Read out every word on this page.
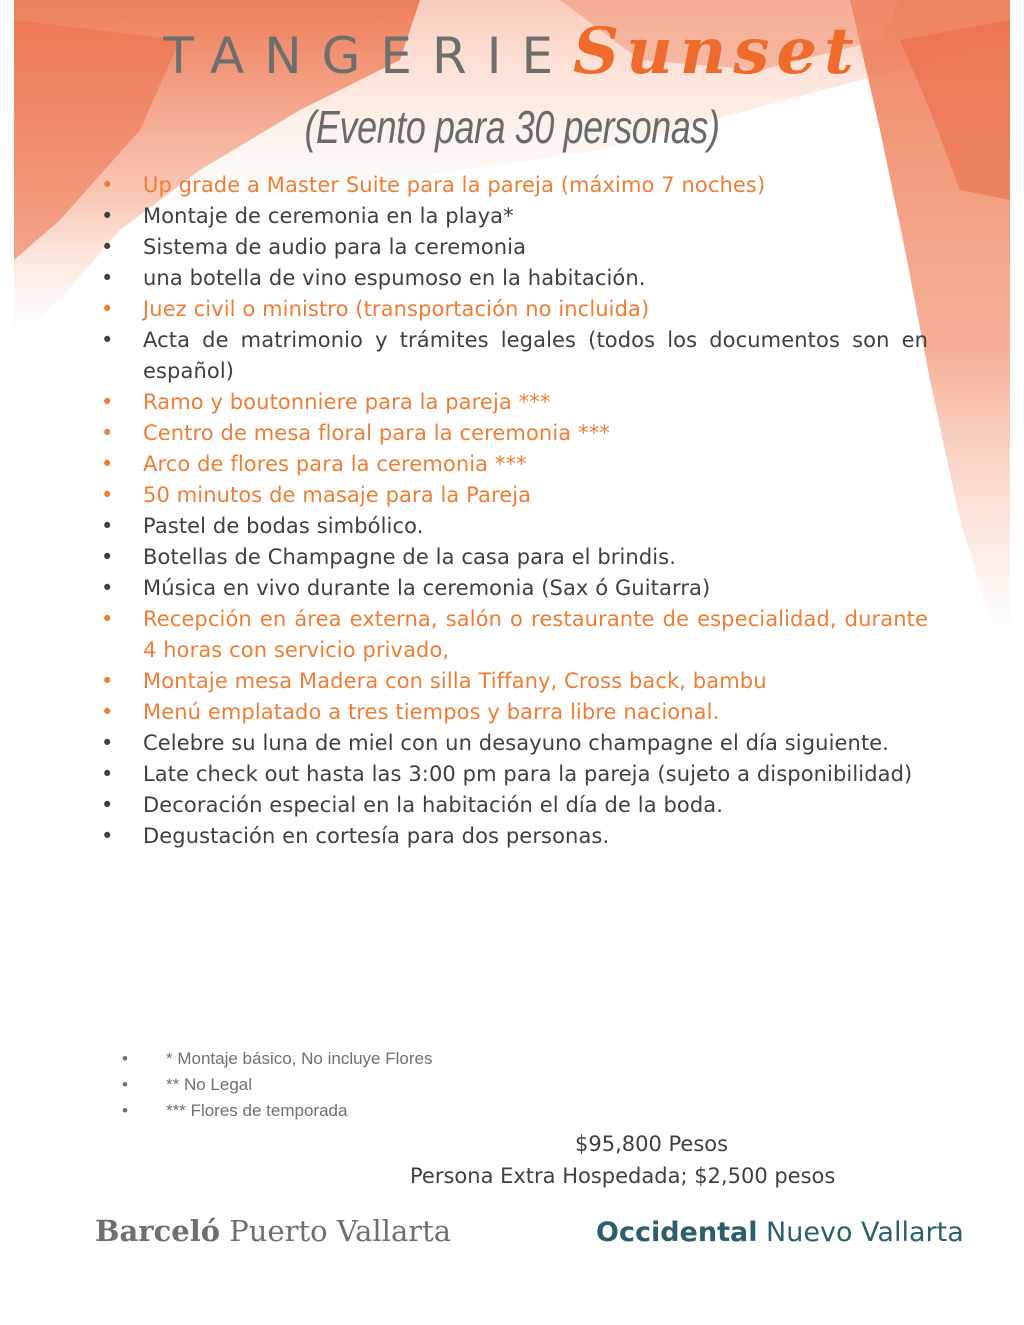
TANGERIESunset
(Evento para 30 personas)
• Up grade a Master Suite para la pareja (máximo 7 noches)
• Montaje de ceremonia en la playa*
• Sistema de audio para la ceremonia
• una botella de vino espumoso en la habitación.
• Juez civil o ministro (transportación no incluida)
• Acta de matrimonio y trámites legales (todos los documentos son en español)
• Ramo y boutonniere para la pareja ***
• Centro de mesa floral para la ceremonia ***
• Arco de flores para la ceremonia ***
• 50 minutos de masaje para la Pareja
• Pastel de bodas simbólico.
• Botellas de Champagne de la casa para el brindis.
• Música en vivo durante la ceremonia (Sax ó Guitarra)
• Recepción en área externa, salón o restaurante de especialidad, durante 4 horas con servicio privado,
• Montaje mesa Madera con silla Tiffany, Cross back, bambu
• Menú emplatado a tres tiempos y barra libre nacional.
• Celebre su luna de miel con un desayuno champagne el día siguiente.
• Late check out hasta las 3:00 pm para la pareja (sujeto a disponibilidad)
• Decoración especial en la habitación el día de la boda.
• Degustación en cortesía para dos personas.
• * Montaje básico, No incluye Flores
• ** No Legal
• *** Flores de temporada
$95,800 Pesos
Persona Extra Hospedada; $2,500 pesos
Barceló Puerto Vallarta	Occidental Nuevo Vallarta
